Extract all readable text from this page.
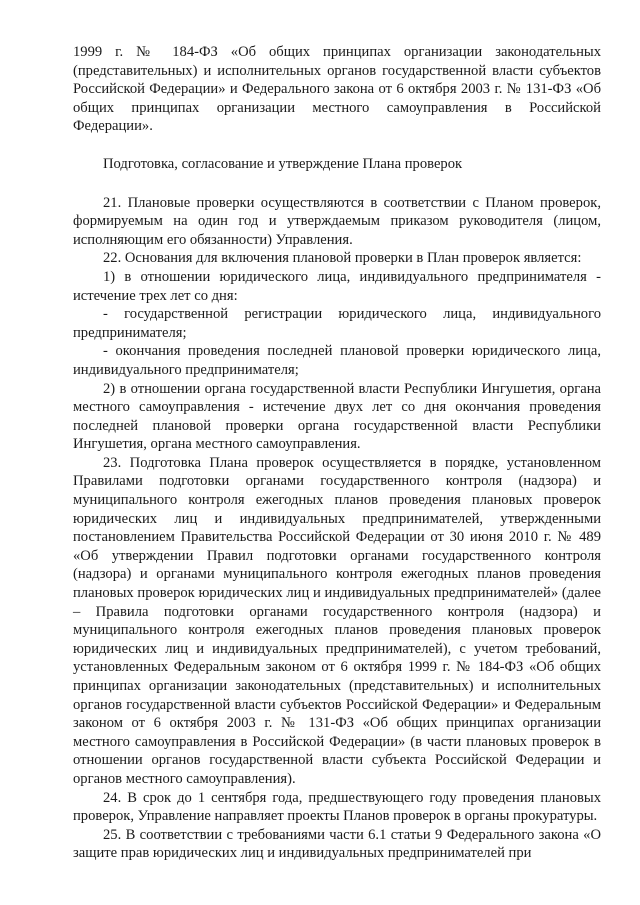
1999 г. № 184-ФЗ «Об общих принципах организации законодательных (представительных) и исполнительных органов государственной власти субъектов Российской Федерации» и Федерального закона от 6 октября 2003 г. № 131-ФЗ «Об общих принципах организации местного самоуправления в Российской Федерации».

Подготовка, согласование и утверждение Плана проверок

21. Плановые проверки осуществляются в соответствии с Планом проверок, формируемым на один год и утверждаемым приказом руководителя (лицом, исполняющим его обязанности) Управления.

22. Основания для включения плановой проверки в План проверок является:

1) в отношении юридического лица, индивидуального предпринимателя - истечение трех лет со дня:

- государственной регистрации юридического лица, индивидуального предпринимателя;

- окончания проведения последней плановой проверки юридического лица, индивидуального предпринимателя;

2) в отношении органа государственной власти Республики Ингушетия, органа местного самоуправления - истечение двух лет со дня окончания проведения последней плановой проверки органа государственной власти Республики Ингушетия, органа местного самоуправления.

23. Подготовка Плана проверок осуществляется в порядке, установленном Правилами подготовки органами государственного контроля (надзора) и муниципального контроля ежегодных планов проведения плановых проверок юридических лиц и индивидуальных предпринимателей, утвержденными постановлением Правительства Российской Федерации от 30 июня 2010 г. № 489 «Об утверждении Правил подготовки органами государственного контроля (надзора) и органами муниципального контроля ежегодных планов проведения плановых проверок юридических лиц и индивидуальных предпринимателей» (далее – Правила подготовки органами государственного контроля (надзора) и муниципального контроля ежегодных планов проведения плановых проверок юридических лиц и индивидуальных предпринимателей), с учетом требований, установленных Федеральным законом от 6 октября 1999 г. № 184-ФЗ «Об общих принципах организации законодательных (представительных) и исполнительных органов государственной власти субъектов Российской Федерации» и Федеральным законом от 6 октября 2003 г. № 131-ФЗ «Об общих принципах организации местного самоуправления в Российской Федерации» (в части плановых проверок в отношении органов государственной власти субъекта Российской Федерации и органов местного самоуправления).

24. В срок до 1 сентября года, предшествующего году проведения плановых проверок, Управление направляет проекты Планов проверок в органы прокуратуры.

25. В соответствии с требованиями части 6.1 статьи 9 Федерального закона «О защите прав юридических лиц и индивидуальных предпринимателей при
